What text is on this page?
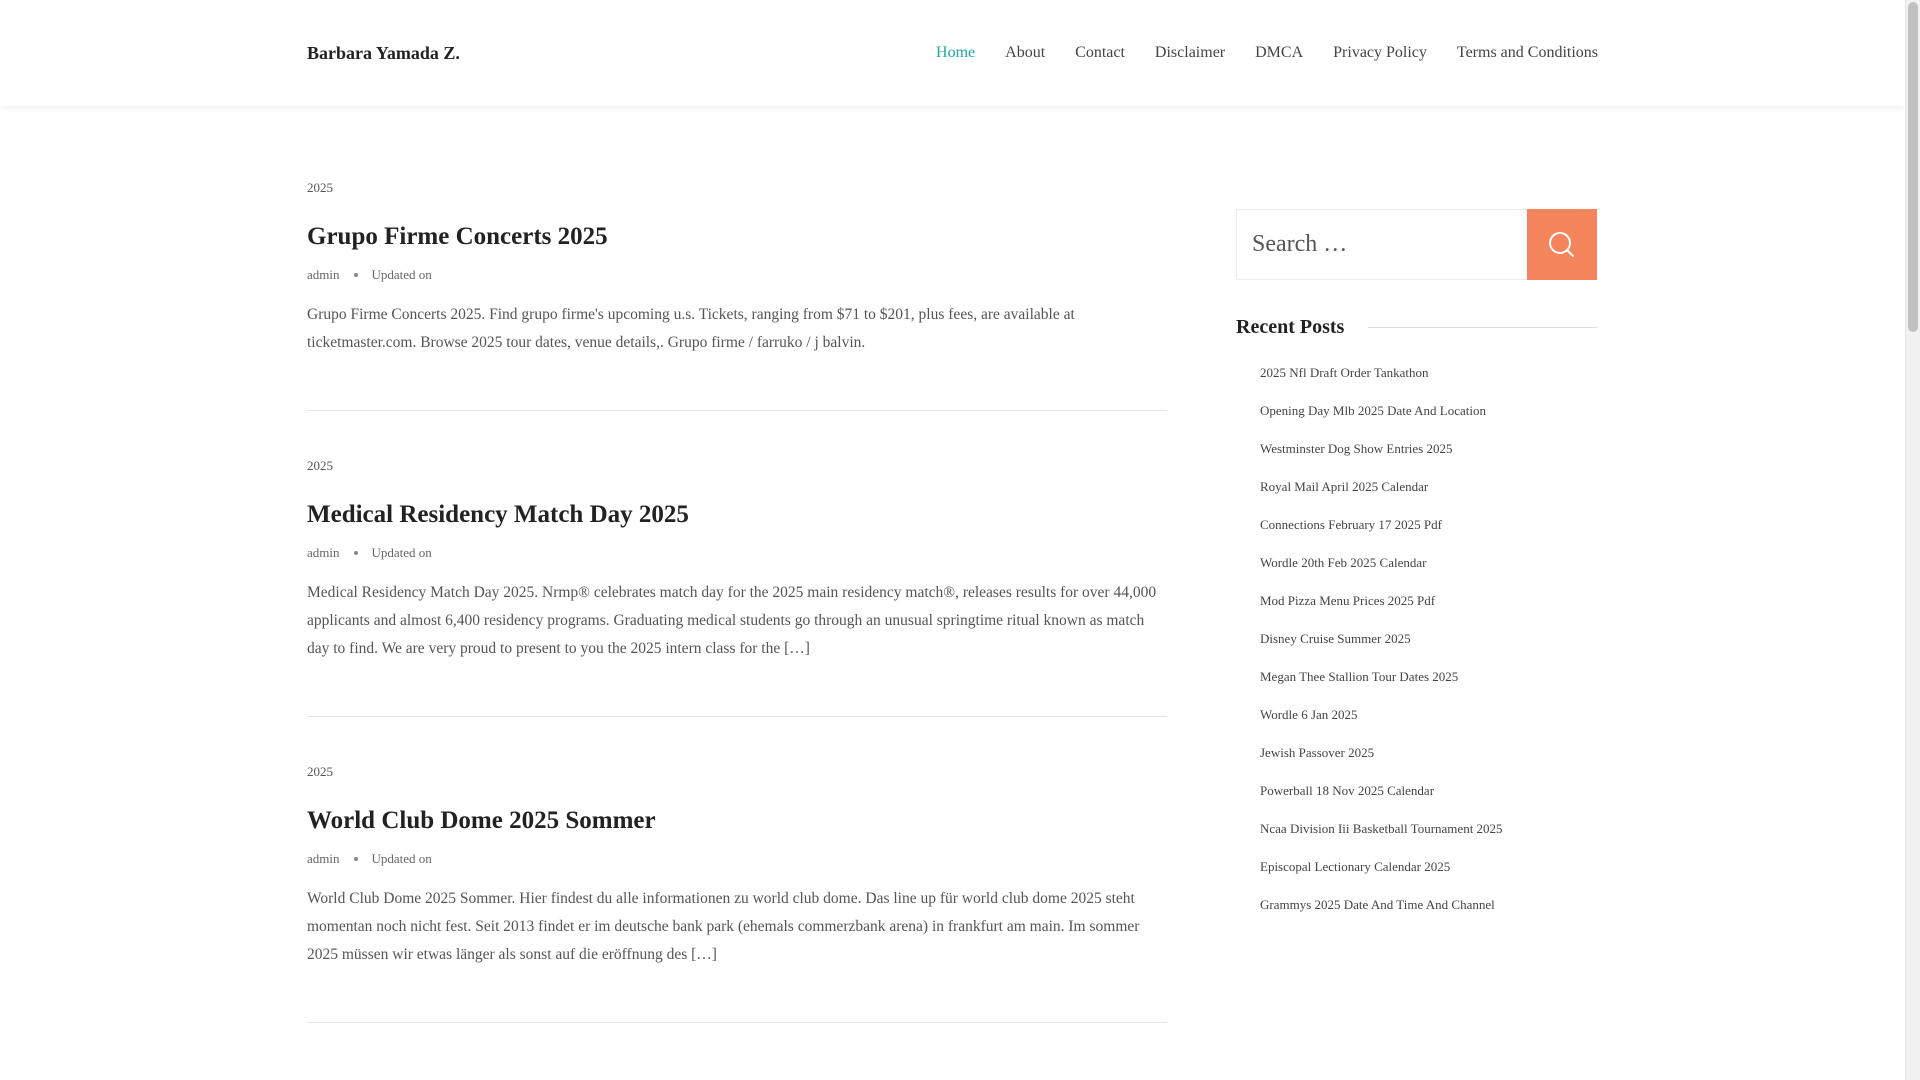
Barbara Yamada Z.	Home About Contact Disclaimer DMCA Privacy Policy Terms and Conditions
2025
Grupo Firme Concerts 2025
admin Updated on

Grupo Firme Concerts 2025. Find grupo firme's upcoming u.s. Tickets, ranging from $71 to $201, plus fees, are available at ticketmaster.com. Browse 2025 tour dates, venue details,. Grupo firme / farruko / j balvin.

2025
Medical Residency Match Day 2025
admin Updated on

Medical Residency Match Day 2025. Nrmp® celebrates match day for the 2025 main residency match®, releases results for over 44,000 applicants and almost 6,400 residency programs. Graduating medical students go through an unusual springtime ritual known as match day to find. We are very proud to present to you the 2025 intern class for the […]

2025
World Club Dome 2025 Sommer
admin Updated on

World Club Dome 2025 Sommer. Hier findest du alle informationen zu world club dome. Das line up für world club dome 2025 steht momentan noch nicht fest. Seit 2013 findet er im deutsche bank park (ehemals commerzbank arena) in frankfurt am main. Im sommer 2025 müssen wir etwas länger als sonst auf die eröffnung des […]

Search …
Recent Posts
2025 Nfl Draft Order Tankathon
Opening Day Mlb 2025 Date And Location
Westminster Dog Show Entries 2025
Royal Mail April 2025 Calendar
Connections February 17 2025 Pdf
Wordle 20th Feb 2025 Calendar
Mod Pizza Menu Prices 2025 Pdf
Disney Cruise Summer 2025
Megan Thee Stallion Tour Dates 2025
Wordle 6 Jan 2025
Jewish Passover 2025
Powerball 18 Nov 2025 Calendar
Ncaa Division Iii Basketball Tournament 2025
Episcopal Lectionary Calendar 2025
Grammys 2025 Date And Time And Channel
